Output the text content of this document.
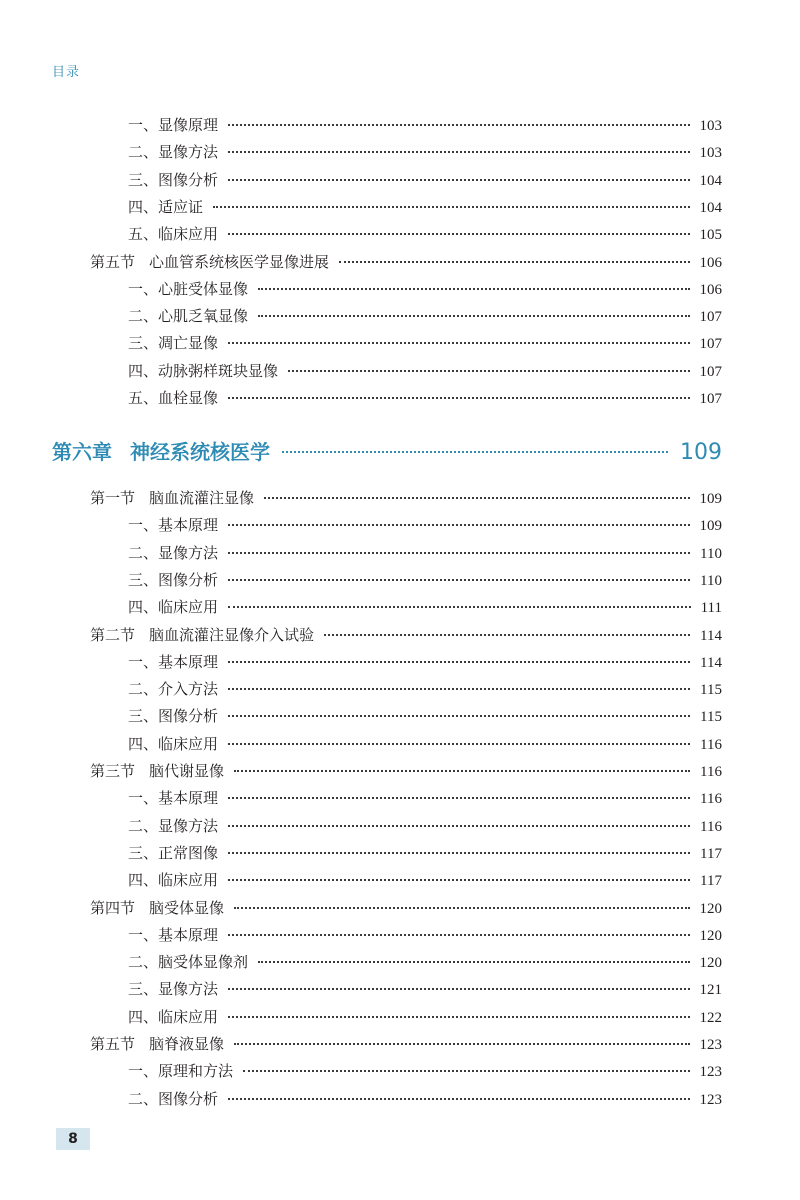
目录
一、显像原理	103
二、显像方法	103
三、图像分析	104
四、适应证	104
五、临床应用	105
第五节 心血管系统核医学显像进展	106
一、心脏受体显像	106
二、心肌乏氧显像	107
三、凋亡显像	107
四、动脉粥样斑块显像	107
五、血栓显像	107
第六章 神经系统核医学	109
第一节 脑血流灌注显像	109
一、基本原理	109
二、显像方法	110
三、图像分析	110
四、临床应用	111
第二节 脑血流灌注显像介入试验	114
一、基本原理	114
二、介入方法	115
三、图像分析	115
四、临床应用	116
第三节 脑代谢显像	116
一、基本原理	116
二、显像方法	116
三、正常图像	117
四、临床应用	117
第四节 脑受体显像	120
一、基本原理	120
二、脑受体显像剂	120
三、显像方法	121
四、临床应用	122
第五节 脑脊液显像	123
一、原理和方法	123
二、图像分析	123
8
